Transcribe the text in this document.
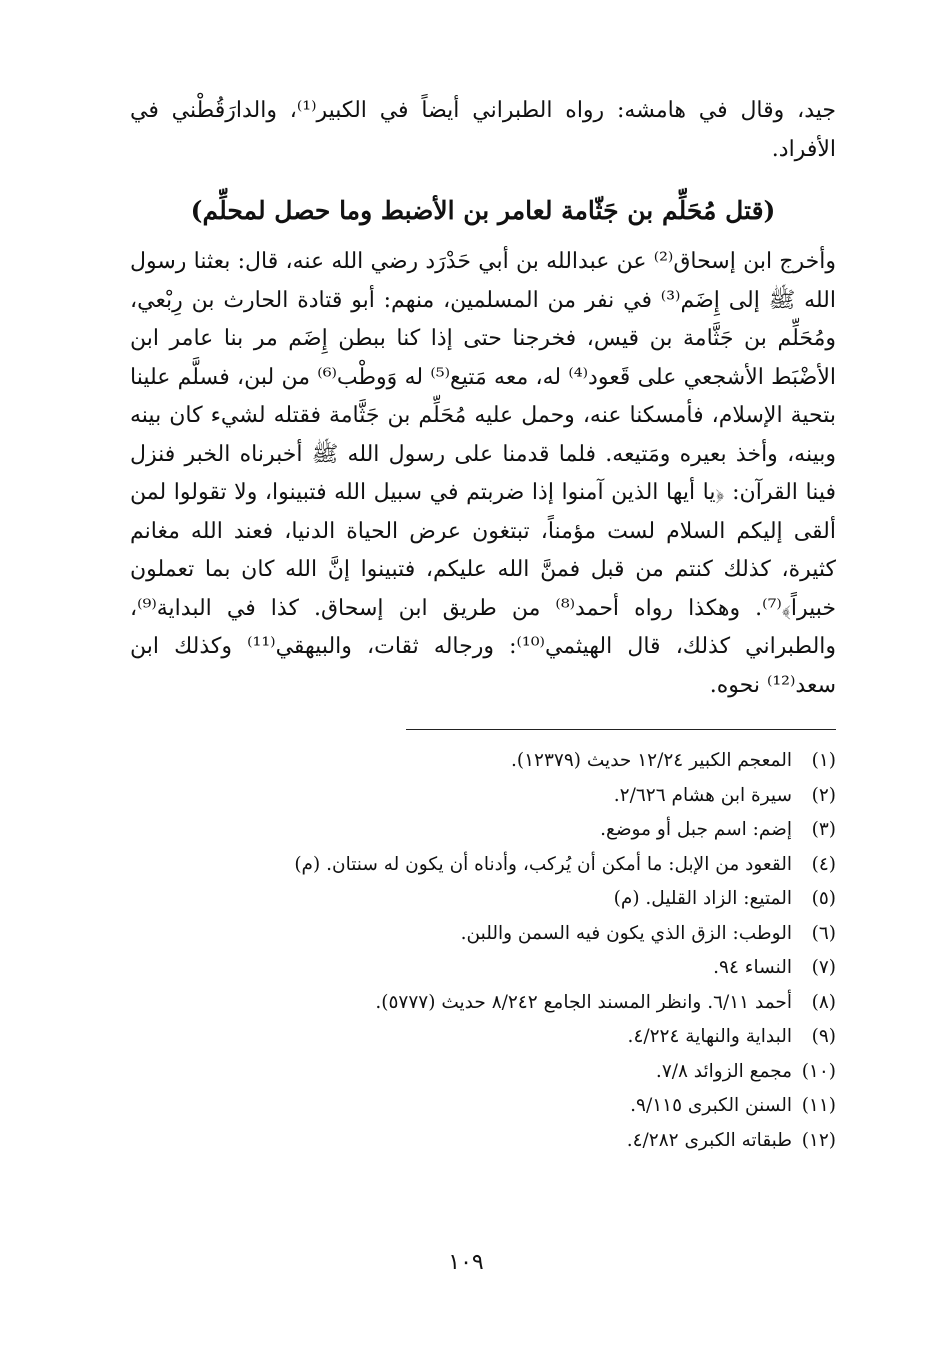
جيد، وقال في هامشه: رواه الطبراني أيضاً في الكبير⁽¹⁾، والدارَقُطْني في الأفراد.

(قتل مُحَلِّم بن جَثّامة لعامر بن الأضبط وما حصل لمحلِّم)

وأخرج ابن إسحاق⁽²⁾ عن عبدالله بن أبي حَدْرَد رضي الله عنه، قال: بعثنا رسول الله ﷺ إلى إِضَم⁽³⁾ في نفر من المسلمين، منهم: أبو قتادة الحارث بن رِبْعي، ومُحَلِّم بن جَثَّامة بن قيس، فخرجنا حتى إذا كنا ببطن إِضَم مر بنا عامر ابن الأضْبَط الأشجعي على قَعود⁽⁴⁾ له، معه مَتيع⁽⁵⁾ له وَوطْب⁽⁶⁾ من لبن، فسلَّم علينا بتحية الإسلام، فأمسكنا عنه، وحمل عليه مُحَلِّم بن جَثَّامة فقتله لشيء كان بينه وبينه، وأخذ بعيره ومَتيعه. فلما قدمنا على رسول الله ﷺ أخبرناه الخبر فنزل فينا القرآن: ﴿يا أيها الذين آمنوا إذا ضربتم في سبيل الله فتبينوا، ولا تقولوا لمن ألقى إليكم السلام لست مؤمناً، تبتغون عرض الحياة الدنيا، فعند الله مغانم كثيرة، كذلك كنتم من قبل فمنَّ الله عليكم، فتبينوا إنَّ الله كان بما تعملون خبيراً﴾⁽⁷⁾. وهكذا رواه أحمد⁽⁸⁾ من طريق ابن إسحاق. كذا في البداية⁽⁹⁾، والطبراني كذلك، قال الهيثمي⁽¹⁰⁾: ورجاله ثقات، والبيهقي⁽¹¹⁾ وكذلك ابن سعد⁽¹²⁾ نحوه.

(١)
المعجم الكبير ١٢/٢٤ حديث (١٢٣٧٩).
(٢)
سيرة ابن هشام ٢/٦٢٦.
(٣)
إضم: اسم جبل أو موضع.
(٤)
القعود من الإبل: ما أمكن أن يُركب، وأدناه أن يكون له سنتان. (م)
(٥)
المتيع: الزاد القليل. (م)
(٦)
الوطب: الزق الذي يكون فيه السمن واللبن.
(٧)
النساء ٩٤.
(٨)
أحمد ٦/١١. وانظر المسند الجامع ٨/٢٤٢ حديث (٥٧٧٧).
(٩)
البداية والنهاية ٤/٢٢٤.
(١٠)
مجمع الزوائد ٧/٨.
(١١)
السنن الكبرى ٩/١١٥.
(١٢)
طبقاته الكبرى ٤/٢٨٢.
١٠٩
